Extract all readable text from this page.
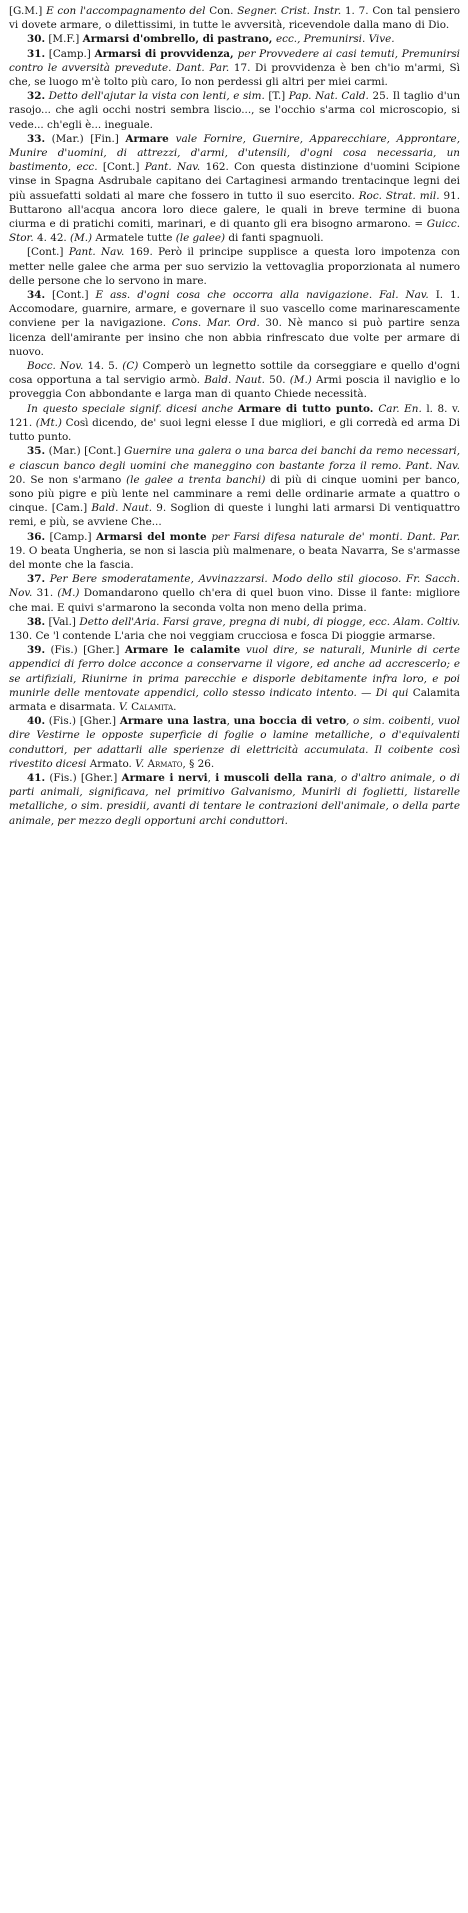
[G.M.] E con l'accompagnamento del Con. Segner. Crist. Instr. 1. 7. Con tal pensiero vi dovete armare, o dilettissimi, in tutte le avversità, ricevendole dalla mano di Dio.

30. [M.F.] Armarsi d'ombrello, di pastrano, ecc., Premunirsi. Vive.

31. [Camp.] Armarsi di provvidenza, per Provvedere ai casi temuti, Premunirsi contro le avversità prevedute. Dant. Par. 17. Di provvidenza è ben ch'io m'armi, Sì che, se luogo m'è tolto più caro, Io non perdessi gli altri per miei carmi.

32. Detto dell'ajutar la vista con lenti, e sim. [T.] Pap. Nat. Cald. 25. Il taglio d'un rasojo... che agli occhi nostri sembra liscio..., se l'occhio s'arma col microscopio, si vede... ch'egli è... ineguale.

33. (Mar.) [Fin.] Armare vale Fornire, Guernire, Apparecchiare, Approntare, Munire d'uomini, di attrezzi, d'armi, d'utensili, d'ogni cosa necessaria, un bastimento, ecc. [Cont.] Pant. Nav. 162. Con questa distinzione d'uomini Scipione vinse in Spagna Asdrubale capitano dei Cartaginesi armando trentacinque legni dei più assuefatti soldati al mare che fossero in tutto il suo esercito. Roc. Strat. mil. 91. Buttarono all'acqua ancora loro diece galere, le quali in breve termine di buona ciurma e di pratichi comiti, marinari, e di quanto gli era bisogno armarono. = Guicc. Stor. 4. 42. (M.) Armatele tutte (le galee) di fanti spagnuoli.

[Cont.] Pant. Nav. 169. Però il principe supplisce a questa loro impotenza con metter nelle galee che arma per suo servizio la vettovaglia proporzionata al numero delle persone che lo servono in mare.

34. [Cont.] E ass. d'ogni cosa che occorra alla navigazione. Fal. Nav. I. 1. Accomodare, guarnire, armare, e governare il suo vascello come marinarescamente conviene per la navigazione. Cons. Mar. Ord. 30. Nè manco si può partire senza licenza dell'amirante per insino che non abbia rinfrescato due volte per armare di nuovo.

Bocc. Nov. 14. 5. (C) Comperò un legnetto sottile da corseggiare e quello d'ogni cosa opportuna a tal servigio armò. Bald. Naut. 50. (M.) Armi poscia il naviglio e lo proveggia Con abbondante e larga man di quanto Chiede necessità.

In questo speciale signif. dicesi anche Armare di tutto punto. Car. En. l. 8. v. 121. (Mt.) Così dicendo, de' suoi legni elesse I due migliori, e gli corredà ed arma Di tutto punto.

35. (Mar.) [Cont.] Guernire una galera o una barca dei banchi da remo necessari, e ciascun banco degli uomini che maneggino con bastante forza il remo. Pant. Nav. 20. Se non s'armano (le galee a trenta banchi) di più di cinque uomini per banco, sono più pigre e più lente nel camminare a remi delle ordinarie armate a quattro o cinque. [Cam.] Bald. Naut. 9. Soglion di queste i lunghi lati armarsi Di ventiquattro remi, e più, se avviene Che...

36. [Camp.] Armarsi del monte per Farsi difesa naturale de' monti. Dant. Par. 19. O beata Ungheria, se non si lascia più malmenare, o beata Navarra, Se s'armasse del monte che la fascia.

37. Per Bere smoderatamente, Avvinazzarsi. Modo dello stil giocoso. Fr. Sacch. Nov. 31. (M.) Domandarono quello ch'era di quel buon vino. Disse il fante: migliore che mai. E quivi s'armarono la seconda volta non meno della prima.

38. [Val.] Detto dell'Aria. Farsi grave, pregna di nubi, di piogge, ecc. Alam. Coltiv. 130. Ce 'l contende L'aria che noi veggiam crucciosa e fosca Di pioggie armarse.

39. (Fis.) [Gher.] Armare le calamite vuol dire, se naturali, Munirle di certe appendici di ferro dolce acconce a conservarne il vigore, ed anche ad accrescerlo; e se artifiziali, Riunirne in prima parecchie e disporle debitamente infra loro, e poi munirle delle mentovate appendici, collo stesso indicato intento. — Di qui Calamita armata e disarmata. V. Calamita.

40. (Fis.) [Gher.] Armare una lastra, una boccia di vetro, o sim. coibenti, vuol dire Vestirne le opposte superficie di foglie o lamine metalliche, o d'equivalenti conduttori, per adattarli alle sperienze di elettricità accumulata. Il coibente così rivestito dicesi Armato. V. Armato, § 26.

41. (Fis.) [Gher.] Armare i nervi, i muscoli della rana, o d'altro animale, o di parti animali, significava, nel primitivo Galvanismo, Munirli di foglietti, listarelle metalliche, o sim. presidii, avanti di tentare le contrazioni dell'animale, o della parte animale, per mezzo degli opportuni archi conduttori.
